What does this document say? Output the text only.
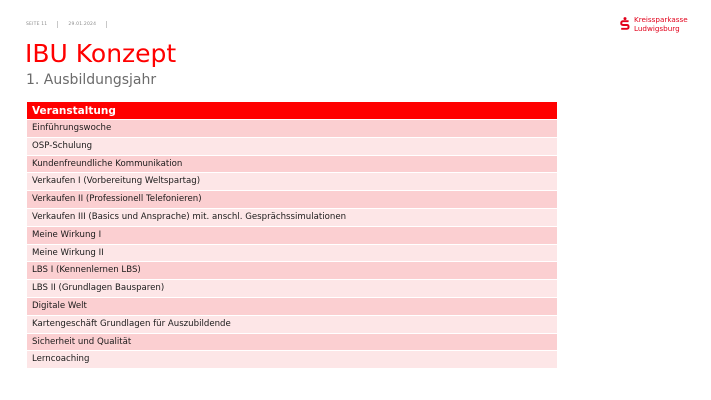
SEITE 11	29.01.2024	Kreissparkasse
Ludwigsburg
IBU Konzept
1. Ausbildungsjahr
Veranstaltung
Einführungswoche
OSP-Schulung
Kundenfreundliche Kommunikation
Verkaufen I (Vorbereitung Weltspartag)
Verkaufen II (Professionell Telefonieren)
Verkaufen III (Basics und Ansprache) mit. anschl. Gesprächssimulationen
Meine Wirkung I
Meine Wirkung II
LBS I (Kennenlernen LBS)
LBS II (Grundlagen Bausparen)
Digitale Welt
Kartengeschäft Grundlagen für Auszubildende
Sicherheit und Qualität
Lerncoaching
